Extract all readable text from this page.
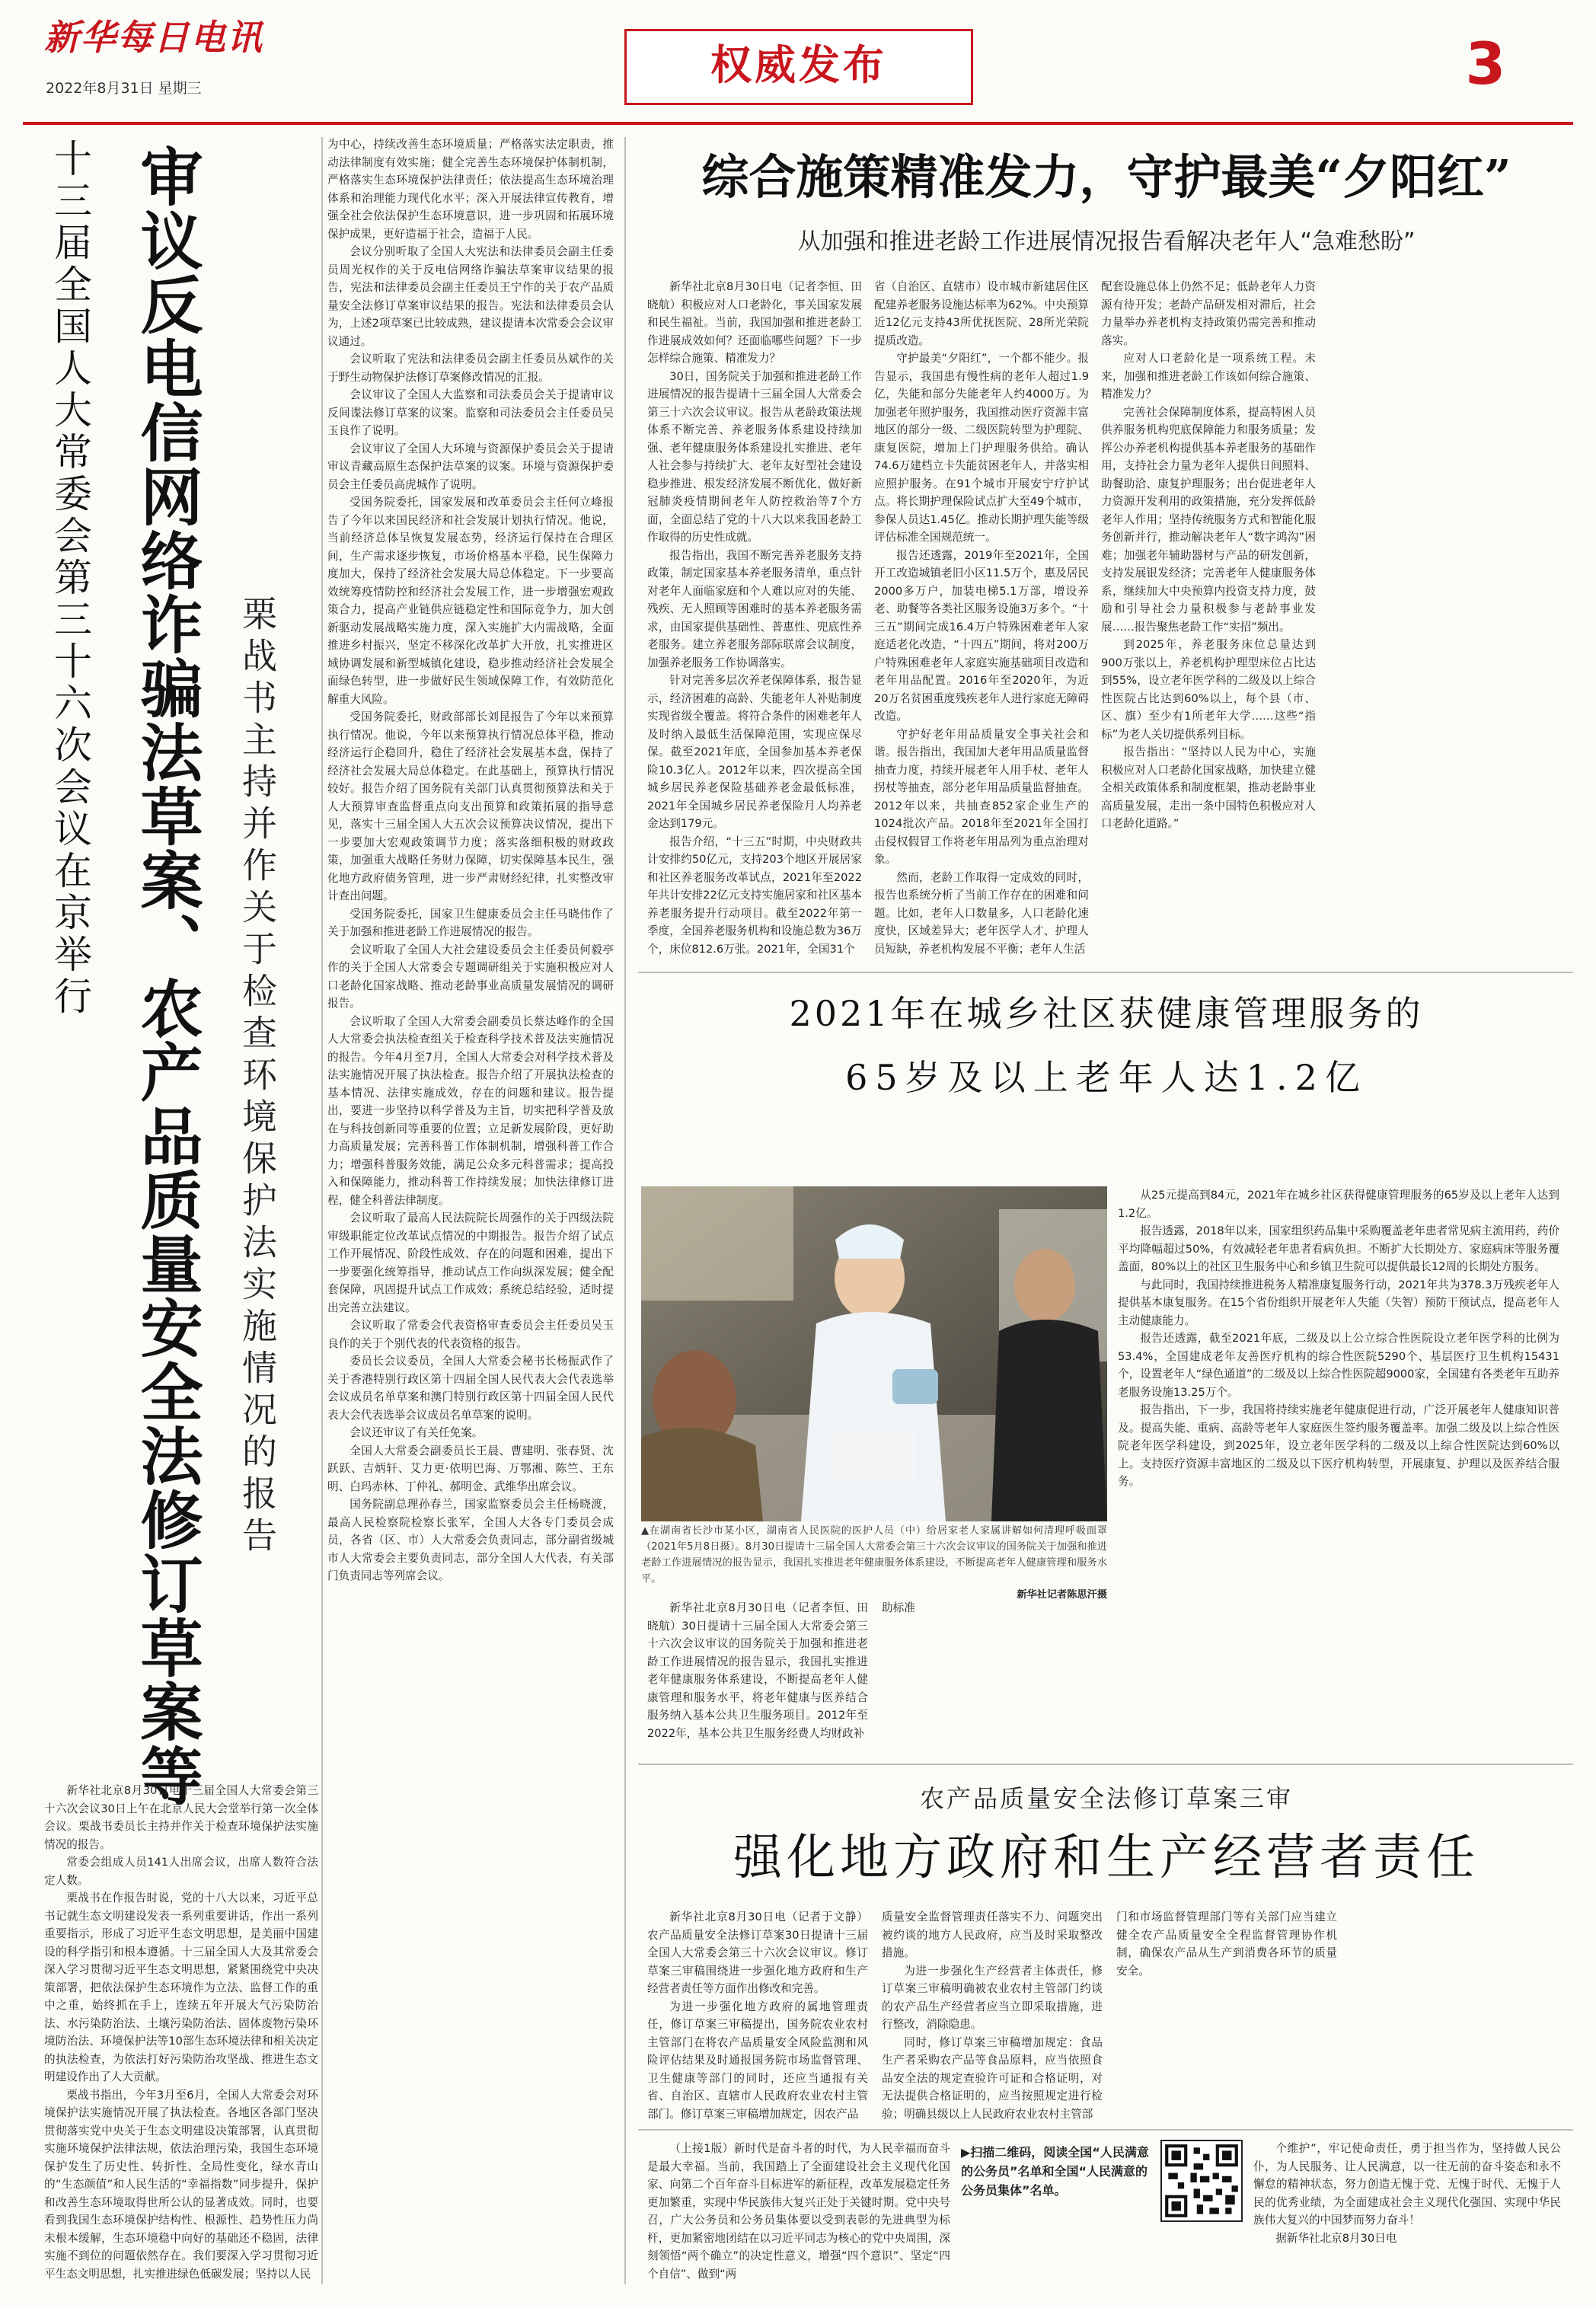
新华每日电讯
2022年8月31日 星期三	权威发布	3
十三届全国人大常委会第三十六次会议在京举行 审议反电信网络诈骗法草案、农产品质量安全法修订草案等 栗战书主持并作关于检查环境保护法实施情况的报告

新华社北京8月30日电十三届全国人大常委会第三十六次会议30日上午在北京人民大会堂举行第一次全体会议。栗战书委员长主持并作关于检查环境保护法实施情况的报告。

常委会组成人员141人出席会议，出席人数符合法定人数。

栗战书在作报告时说，党的十八大以来，习近平总书记就生态文明建设发表一系列重要讲话，作出一系列重要指示，形成了习近平生态文明思想，是美丽中国建设的科学指引和根本遵循。十三届全国人大及其常委会深入学习贯彻习近平生态文明思想，紧紧围绕党中央决策部署，把依法保护生态环境作为立法、监督工作的重中之重，始终抓在手上，连续五年开展大气污染防治法、水污染防治法、土壤污染防治法、固体废物污染环境防治法、环境保护法等10部生态环境法律和相关决定的执法检查，为依法打好污染防治攻坚战、推进生态文明建设作出了人大贡献。

栗战书指出，今年3月至6月，全国人大常委会对环境保护法实施情况开展了执法检查。各地区各部门坚决贯彻落实党中央关于生态文明建设决策部署，认真贯彻实施环境保护法律法规，依法治理污染，我国生态环境保护发生了历史性、转折性、全局性变化，绿水青山的“生态颜值”和人民生活的“幸福指数”同步提升，保护和改善生态环境取得世所公认的显著成效。同时，也要看到我国生态环境保护结构性、根源性、趋势性压力尚未根本缓解，生态环境稳中向好的基础还不稳固，法律实施不到位的问题依然存在。我们要深入学习贯彻习近平生态文明思想，扎实推进绿色低碳发展；坚持以人民

为中心，持续改善生态环境质量；严格落实法定职责，推动法律制度有效实施；健全完善生态环境保护体制机制，严格落实生态环境保护法律责任；依法提高生态环境治理体系和治理能力现代化水平；深入开展法律宣传教育，增强全社会依法保护生态环境意识，进一步巩固和拓展环境保护成果，更好造福于社会，造福于人民。

会议分别听取了全国人大宪法和法律委员会副主任委员周光权作的关于反电信网络诈骗法草案审议结果的报告，宪法和法律委员会副主任委员王宁作的关于农产品质量安全法修订草案审议结果的报告。宪法和法律委员会认为，上述2项草案已比较成熟，建议提请本次常委会会议审议通过。

会议听取了宪法和法律委员会副主任委员丛斌作的关于野生动物保护法修订草案修改情况的汇报。

会议审议了全国人大监察和司法委员会关于提请审议反间谍法修订草案的议案。监察和司法委员会主任委员吴玉良作了说明。

会议审议了全国人大环境与资源保护委员会关于提请审议青藏高原生态保护法草案的议案。环境与资源保护委员会主任委员高虎城作了说明。

受国务院委托，国家发展和改革委员会主任何立峰报告了今年以来国民经济和社会发展计划执行情况。他说，当前经济总体呈恢复发展态势，经济运行保持在合理区间，生产需求逐步恢复，市场价格基本平稳，民生保障力度加大，保持了经济社会发展大局总体稳定。下一步要高效统筹疫情防控和经济社会发展工作，进一步增强宏观政策合力，提高产业链供应链稳定性和国际竞争力，加大创新驱动发展战略实施力度，深入实施扩大内需战略，全面推进乡村振兴，坚定不移深化改革扩大开放，扎实推进区域协调发展和新型城镇化建设，稳步推动经济社会发展全面绿色转型，进一步做好民生领域保障工作，有效防范化解重大风险。

受国务院委托，财政部部长刘昆报告了今年以来预算执行情况。他说，今年以来预算执行情况总体平稳，推动经济运行企稳回升，稳住了经济社会发展基本盘，保持了经济社会发展大局总体稳定。在此基础上，预算执行情况较好。报告介绍了国务院有关部门认真贯彻预算法和关于人大预算审查监督重点向支出预算和政策拓展的指导意见，落实十三届全国人大五次会议预算决议情况，提出下一步要加大宏观政策调节力度；落实落细积极的财政政策，加强重大战略任务财力保障，切实保障基本民生，强化地方政府债务管理，进一步严肃财经纪律，扎实整改审计查出问题。

受国务院委托，国家卫生健康委员会主任马晓伟作了关于加强和推进老龄工作进展情况的报告。

会议听取了全国人大社会建设委员会主任委员何毅亭作的关于全国人大常委会专题调研组关于实施积极应对人口老龄化国家战略、推动老龄事业高质量发展情况的调研报告。

会议听取了全国人大常委会副委员长蔡达峰作的全国人大常委会执法检查组关于检查科学技术普及法实施情况的报告。今年4月至7月，全国人大常委会对科学技术普及法实施情况开展了执法检查。报告介绍了开展执法检查的基本情况、法律实施成效，存在的问题和建议。报告提出，要进一步坚持以科学普及为主旨，切实把科学普及放在与科技创新同等重要的位置；立足新发展阶段，更好助力高质量发展；完善科普工作体制机制，增强科普工作合力；增强科普服务效能，满足公众多元科普需求；提高投入和保障能力，推动科普工作持续发展；加快法律修订进程，健全科普法律制度。

会议听取了最高人民法院院长周强作的关于四级法院审级职能定位改革试点情况的中期报告。报告介绍了试点工作开展情况、阶段性成效、存在的问题和困难，提出下一步要强化统筹指导，推动试点工作向纵深发展；健全配套保障，巩固提升试点工作成效；系统总结经验，适时提出完善立法建议。

会议听取了常委会代表资格审查委员会主任委员吴玉良作的关于个别代表的代表资格的报告。

委员长会议委员，全国人大常委会秘书长杨振武作了关于香港特别行政区第十四届全国人民代表大会代表选举会议成员名单草案和澳门特别行政区第十四届全国人民代表大会代表选举会议成员名单草案的说明。

会议还审议了有关任免案。

全国人大常委会副委员长王晨、曹建明、张春贤、沈跃跃、吉炳轩、艾力更·依明巴海、万鄂湘、陈竺、王东明、白玛赤林、丁仲礼、郝明金、武维华出席会议。

国务院副总理孙春兰，国家监察委员会主任杨晓渡，最高人民检察院检察长张军，全国人大各专门委员会成员，各省（区、市）人大常委会负责同志，部分副省级城市人大常委会主要负责同志，部分全国人大代表，有关部门负责同志等列席会议。

综合施策精准发力，守护最美“夕阳红”
从加强和推进老龄工作进展情况报告看解决老年人“急难愁盼”

新华社北京8月30日电（记者李恒、田晓航）积极应对人口老龄化，事关国家发展和民生福祉。当前，我国加强和推进老龄工作进展成效如何？还面临哪些问题？下一步怎样综合施策、精准发力？

30日，国务院关于加强和推进老龄工作进展情况的报告提请十三届全国人大常委会第三十六次会议审议。报告从老龄政策法规体系不断完善、养老服务体系建设持续加强、老年健康服务体系建设扎实推进、老年人社会参与持续扩大、老年友好型社会建设稳步推进、根发经济发展不断优化、做好新冠肺炎疫情期间老年人防控救治等7个方面，全面总结了党的十八大以来我国老龄工作取得的历史性成就。

报告指出，我国不断完善养老服务支持政策，制定国家基本养老服务清单，重点针对老年人面临家庭和个人难以应对的失能、残疾、无人照顾等困难时的基本养老服务需求，由国家提供基础性、普惠性、兜底性养老服务。建立养老服务部际联席会议制度，加强养老服务工作协调落实。

针对完善多层次养老保障体系，报告显示，经济困难的高龄、失能老年人补贴制度实现省级全覆盖。将符合条件的困难老年人及时纳入最低生活保障范围，实现应保尽保。截至2021年底，全国参加基本养老保险10.3亿人。2012年以来，四次提高全国城乡居民养老保险基础养老金最低标准，2021年全国城乡居民养老保险月人均养老金达到179元。

报告介绍，“十三五”时期，中央财政共计安排约50亿元，支持203个地区开展居家和社区养老服务改革试点，2021年至2022年共计安排22亿元支持实施居家和社区基本养老服务提升行动项目。截至2022年第一季度，全国养老服务机构和设施总数为36万个，床位812.6万张。2021年，全国31个

省（自治区、直辖市）设市城市新建居住区配建养老服务设施达标率为62%。中央预算近12亿元支持43所优抚医院、28所光荣院提质改造。

守护最美“夕阳红”，一个都不能少。报告显示，我国患有慢性病的老年人超过1.9亿，失能和部分失能老年人约4000万。为加强老年照护服务，我国推动医疗资源丰富地区的部分一级、二级医院转型为护理院、康复医院，增加上门护理服务供给。确认74.6万建档立卡失能贫困老年人，并落实相应照护服务。在91个城市开展安宁疗护试点。将长期护理保险试点扩大至49个城市，参保人员达1.45亿。推动长期护理失能等级评估标准全国规范统一。

报告还透露，2019年至2021年，全国开工改造城镇老旧小区11.5万个，惠及居民2000多万户，加装电梯5.1万部，增设养老、助餐等各类社区服务设施3万多个。“十三五”期间完成16.4万户特殊困难老年人家庭适老化改造，“十四五”期间，将对200万户特殊困难老年人家庭实施基础项目改造和老年用品配置。2016年至2020年，为近20万名贫困重度残疾老年人进行家庭无障碍改造。

守护好老年用品质量安全事关社会和谐。报告指出，我国加大老年用品质量监督抽查力度，持续开展老年人用手杖、老年人拐杖等抽查，部分老年用品质量监督抽查。2012年以来，共抽查852家企业生产的1024批次产品。2018年至2021年全国打击侵权假冒工作将老年用品列为重点治理对象。

然而，老龄工作取得一定成效的同时，报告也系统分析了当前工作存在的困难和问题。比如，老年人口数量多，人口老龄化速度快，区域差异大；老年医学人才、护理人员短缺，养老机构发展不平衡；老年人生活

配套设施总体上仍然不足；低龄老年人力资源有待开发；老龄产品研发相对滞后，社会力量举办养老机构支持政策仍需完善和推动落实。

应对人口老龄化是一项系统工程。未来，加强和推进老龄工作该如何综合施策、精准发力？

完善社会保障制度体系，提高特困人员供养服务机构兜底保障能力和服务质量；发挥公办养老机构提供基本养老服务的基础作用，支持社会力量为老年人提供日间照料、助餐助洽、康复护理服务；出台促进老年人力资源开发利用的政策措施，充分发挥低龄老年人作用；坚持传统服务方式和智能化服务创新并行，推动解决老年人“数字鸿沟”困难；加强老年辅助器材与产品的研发创新，支持发展银发经济；完善老年人健康服务体系，继续加大中央预算内投资支持力度，鼓励和引导社会力量积极参与老龄事业发展……报告聚焦老龄工作“实招”频出。

到2025年，养老服务床位总量达到900万张以上，养老机构护理型床位占比达到55%，设立老年医学科的二级及以上综合性医院占比达到60%以上，每个县（市、区、旗）至少有1所老年大学……这些“指标”为老人关切提供系列目标。

报告指出：“坚持以人民为中心，实施积极应对人口老龄化国家战略，加快建立健全相关政策体系和制度框架，推动老龄事业高质量发展，走出一条中国特色积极应对人口老龄化道路。”

2021年在城乡社区获健康管理服务的
65岁及以上老年人达1.2亿
▲在湖南省长沙市某小区，湖南省人民医院的医护人员（中）给居家老人家属讲解如何清理呼吸面罩（2021年5月8日摄）。8月30日提请十三届全国人大常委会第三十六次会议审议的国务院关于加强和推进老龄工作进展情况的报告显示，我国扎实推进老年健康服务体系建设，不断提高老年人健康管理和服务水平。
新华社记者陈思汗摄

新华社北京8月30日电（记者李恒、田晓航）30日提请十三届全国人大常委会第三十六次会议审议的国务院关于加强和推进老龄工作进展情况的报告显示，我国扎实推进老年健康服务体系建设，不断提高老年人健康管理和服务水平，将老年健康与医养结合服务纳入基本公共卫生服务项目。2012年至2022年，基本公共卫生服务经费人均财政补

助标准

从25元提高到84元，2021年在城乡社区获得健康管理服务的65岁及以上老年人达到1.2亿。

报告透露，2018年以来，国家组织药品集中采购覆盖老年患者常见病主流用药，药价平均降幅超过50%，有效减轻老年患者看病负担。不断扩大长期处方、家庭病床等服务覆盖面，80%以上的社区卫生服务中心和乡镇卫生院可以提供最长12周的长期处方服务。

与此同时，我国持续推进税务人精准康复服务行动，2021年共为378.3万残疾老年人提供基本康复服务。在15个省份组织开展老年人失能（失智）预防干预试点，提高老年人主动健康能力。

报告还透露，截至2021年底，二级及以上公立综合性医院设立老年医学科的比例为53.4%，全国建成老年友善医疗机构的综合性医院5290个、基层医疗卫生机构15431个，设置老年人“绿色通道”的二级及以上综合性医院超9000家，全国建有各类老年互助养老服务设施13.25万个。

报告指出，下一步，我国将持续实施老年健康促进行动，广泛开展老年人健康知识普及。提高失能、重病、高龄等老年人家庭医生签约服务覆盖率。加强二级及以上综合性医院老年医学科建设，到2025年，设立老年医学科的二级及以上综合性医院达到60%以上。支持医疗资源丰富地区的二级及以下医疗机构转型，开展康复、护理以及医养结合服务。

农产品质量安全法修订草案三审
强化地方政府和生产经营者责任

新华社北京8月30日电（记者于文静）农产品质量安全法修订草案30日提请十三届全国人大常委会第三十六次会议审议。修订草案三审稿围绕进一步强化地方政府和生产经营者责任等方面作出修改和完善。

为进一步强化地方政府的属地管理责任，修订草案三审稿提出，国务院农业农村主管部门在将农产品质量安全风险监测和风险评估结果及时通报国务院市场监督管理、卫生健康等部门的同时，还应当通报有关省、自治区、直辖市人民政府农业农村主管部门。修订草案三审稿增加规定，因农产品

质量安全监督管理责任落实不力、问题突出被约谈的地方人民政府，应当及时采取整改措施。

为进一步强化生产经营者主体责任，修订草案三审稿明确被农业农村主管部门约谈的农产品生产经营者应当立即采取措施，进行整改，消除隐患。

同时，修订草案三审稿增加规定：食品生产者采购农产品等食品原料，应当依照食品安全法的规定查验许可证和合格证明，对无法提供合格证明的，应当按照规定进行检验；明确县级以上人民政府农业农村主管部

门和市场监督管理部门等有关部门应当建立健全农产品质量安全全程监督管理协作机制，确保农产品从生产到消费各环节的质量安全。

（上接1版）新时代是奋斗者的时代，为人民幸福而奋斗是最大幸福。当前，我国踏上了全面建设社会主义现代化国家、向第二个百年奋斗目标进军的新征程，改革发展稳定任务更加繁重，实现中华民族伟大复兴正处于关键时期。党中央号召，广大公务员和公务员集体要以受到表彰的先进典型为标杆，更加紧密地团结在以习近平同志为核心的党中央周围，深刻领悟“两个确立”的决定性意义，增强“四个意识”、坚定“四个自信”、做到“两

▶扫描二维码，阅读全国“人民满意的公务员”名单和全国“人民满意的公务员集体”名单。

个维护”，牢记使命责任，勇于担当作为，坚持做人民公仆，为人民服务、让人民满意，以一往无前的奋斗姿态和永不懈怠的精神状态，努力创造无愧于党、无愧于时代、无愧于人民的优秀业绩，为全面建成社会主义现代化强国、实现中华民族伟大复兴的中国梦而努力奋斗！

据新华社北京8月30日电
